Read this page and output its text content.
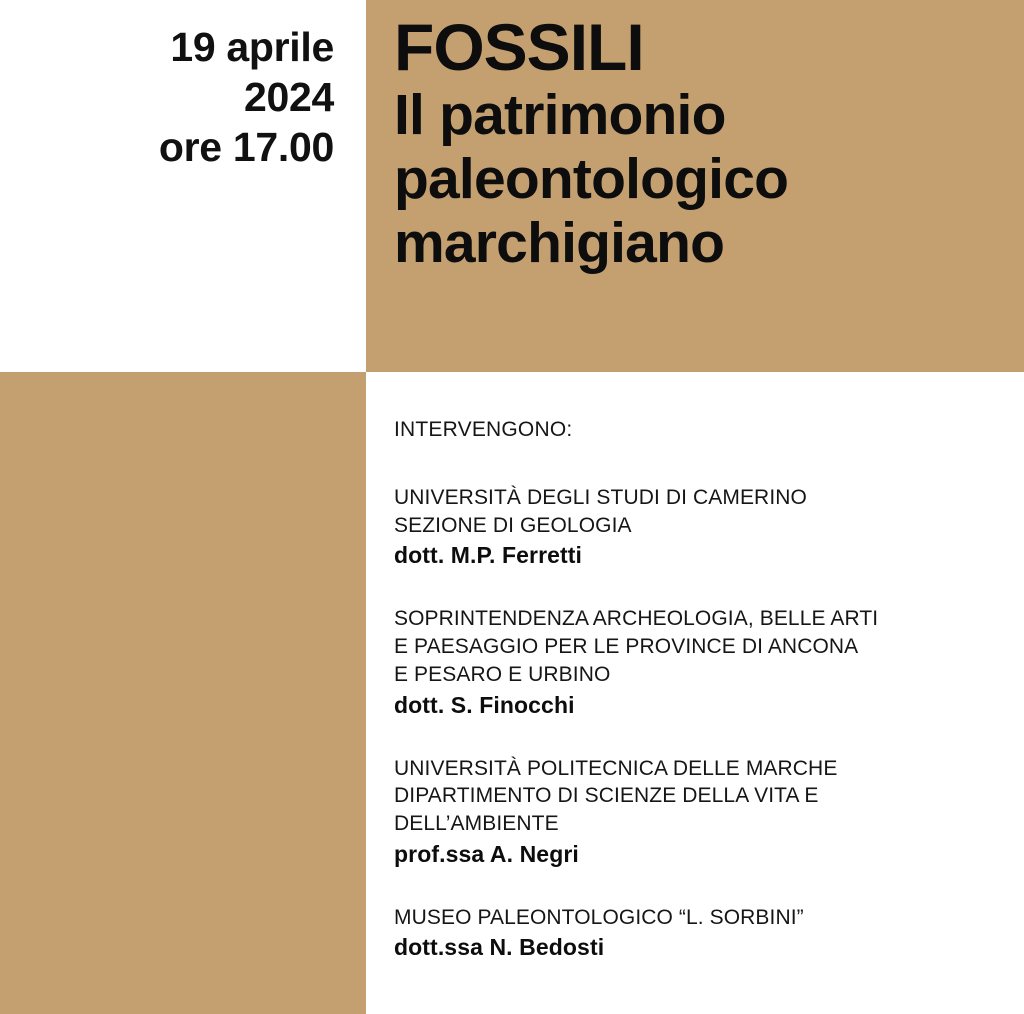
19 aprile
2024
ore 17.00
FOSSILI
Il patrimonio
paleontologico
marchigiano

INTERVENGONO:

UNIVERSITÀ DEGLI STUDI DI CAMERINO
SEZIONE DI GEOLOGIA
dott. M.P. Ferretti
SOPRINTENDENZA ARCHEOLOGIA, BELLE ARTI
E PAESAGGIO PER LE PROVINCE DI ANCONA
E PESARO E URBINO
dott. S. Finocchi
UNIVERSITÀ POLITECNICA DELLE MARCHE
DIPARTIMENTO DI SCIENZE DELLA VITA E
DELL’AMBIENTE
prof.ssa A. Negri
MUSEO PALEONTOLOGICO “L. SORBINI”
dott.ssa N. Bedosti
